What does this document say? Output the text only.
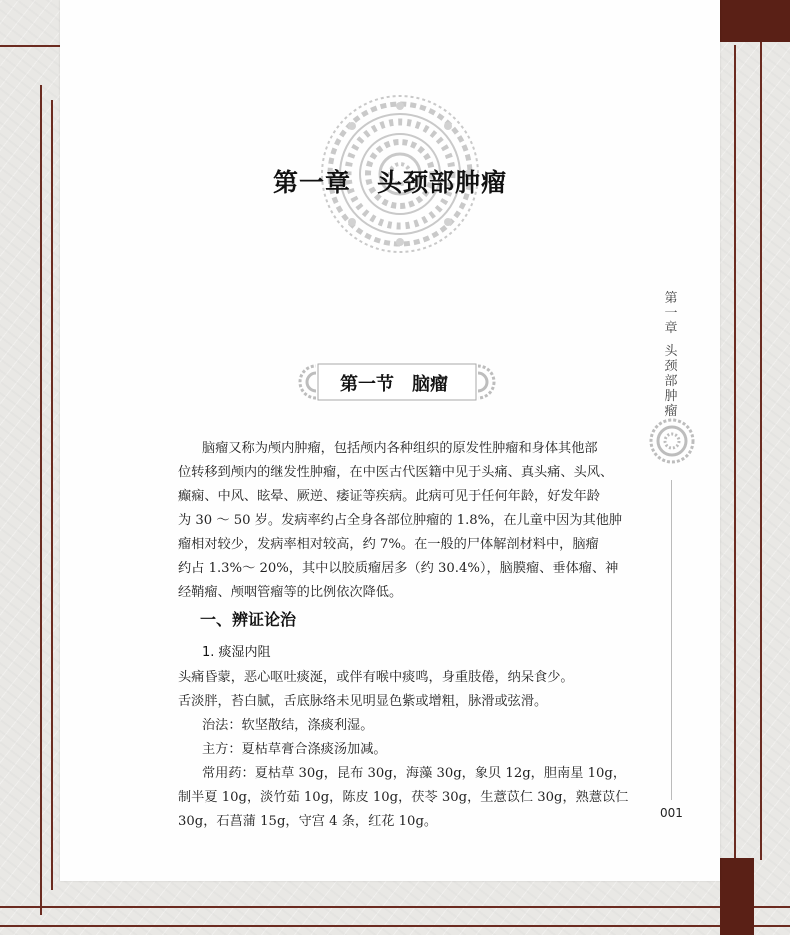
第一章　头颈部肿瘤
第一节　脑瘤
第
一
章
头
颈
部
肿
瘤
脑瘤又称为颅内肿瘤，包括颅内各种组织的原发性肿瘤和身体其他部
位转移到颅内的继发性肿瘤，在中医古代医籍中见于头痛、真头痛、头风、
癫痫、中风、眩晕、厥逆、痿证等疾病。此病可见于任何年龄，好发年龄
为 30 ～ 50 岁。发病率约占全身各部位肿瘤的 1.8%，在儿童中因为其他肿
瘤相对较少，发病率相对较高，约 7%。在一般的尸体解剖材料中，脑瘤
约占 1.3%～ 20%，其中以胶质瘤居多（约 30.4%），脑膜瘤、垂体瘤、神
经鞘瘤、颅咽管瘤等的比例依次降低。
一、辨证论治
1. 痰湿内阻
头痛昏蒙，恶心呕吐痰涎，或伴有喉中痰鸣，身重肢倦，纳呆食少。
舌淡胖，苔白腻，舌底脉络未见明显色紫或增粗，脉滑或弦滑。
治法：软坚散结，涤痰利湿。
主方：夏枯草膏合涤痰汤加减。
常用药：夏枯草 30g，昆布 30g，海藻 30g，象贝 12g，胆南星 10g，
制半夏 10g，淡竹茹 10g，陈皮 10g，茯苓 30g，生薏苡仁 30g，熟薏苡仁
30g，石菖蒲 15g，守宫 4 条，红花 10g。
001
